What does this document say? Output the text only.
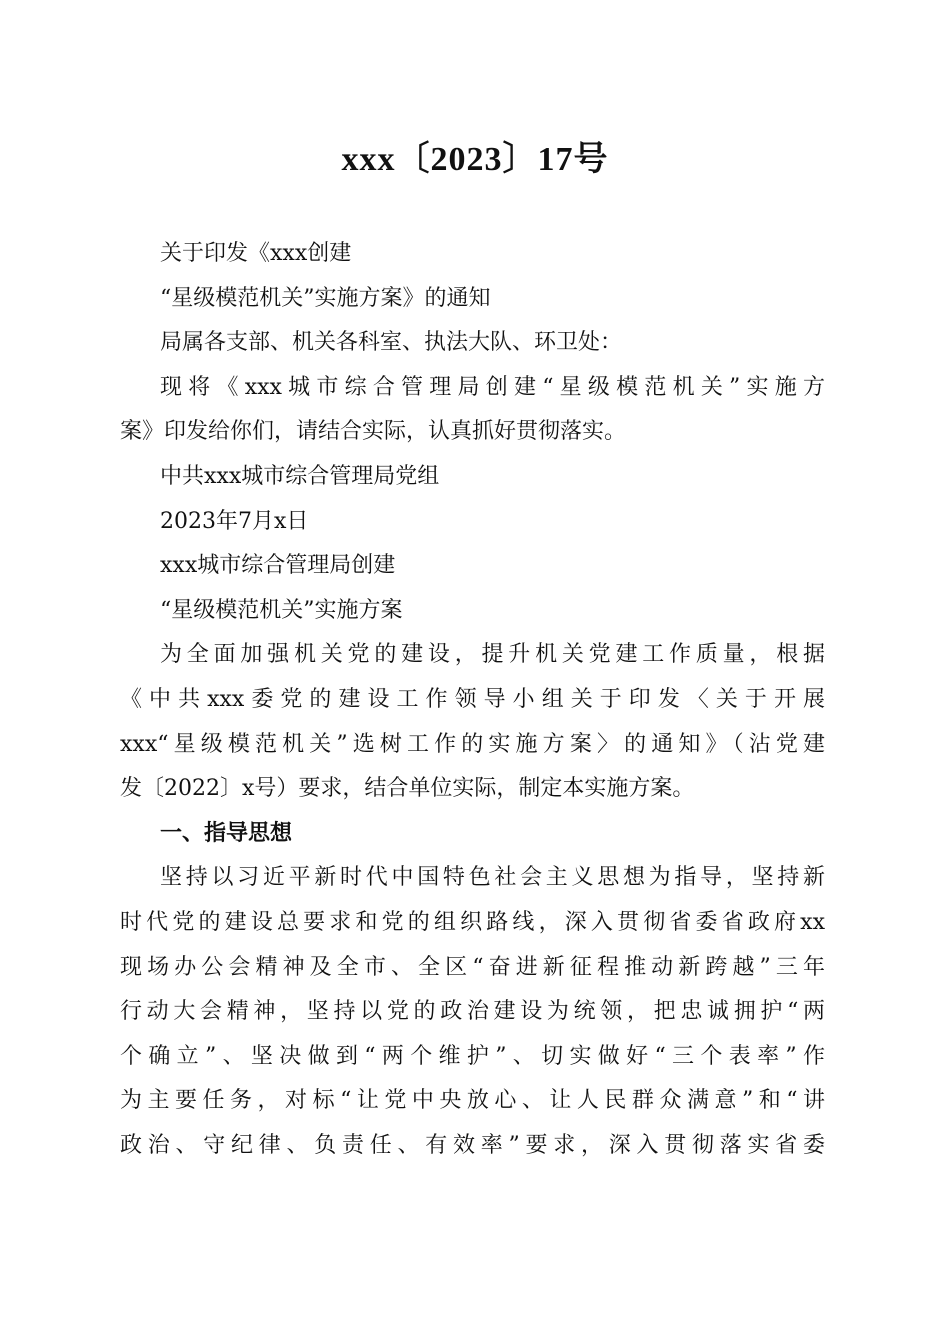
xxx〔2023〕17号
关于印发《xxx创建
“星级模范机关”实施方案》的通知
局属各支部、机关各科室、执法大队、环卫处：
现将《xxx城市综合管理局创建“星级模范机关”实施方
案》印发给你们，请结合实际，认真抓好贯彻落实。
中共xxx城市综合管理局党组
2023年7月x日
xxx城市综合管理局创建
“星级模范机关”实施方案
为全面加强机关党的建设，提升机关党建工作质量，根据
《中共xxx委党的建设工作领导小组关于印发〈关于开展
xxx“星级模范机关”选树工作的实施方案〉的通知》（沾党建
发〔2022〕x号）要求，结合单位实际，制定本实施方案。
一、指导思想
坚持以习近平新时代中国特色社会主义思想为指导，坚持新
时代党的建设总要求和党的组织路线，深入贯彻省委省政府xx
现场办公会精神及全市、全区“奋进新征程推动新跨越”三年
行动大会精神，坚持以党的政治建设为统领，把忠诚拥护“两
个确立”、坚决做到“两个维护”、切实做好“三个表率”作
为主要任务，对标“让党中央放心、让人民群众满意”和“讲
政治、守纪律、负责任、有效率”要求，深入贯彻落实省委
